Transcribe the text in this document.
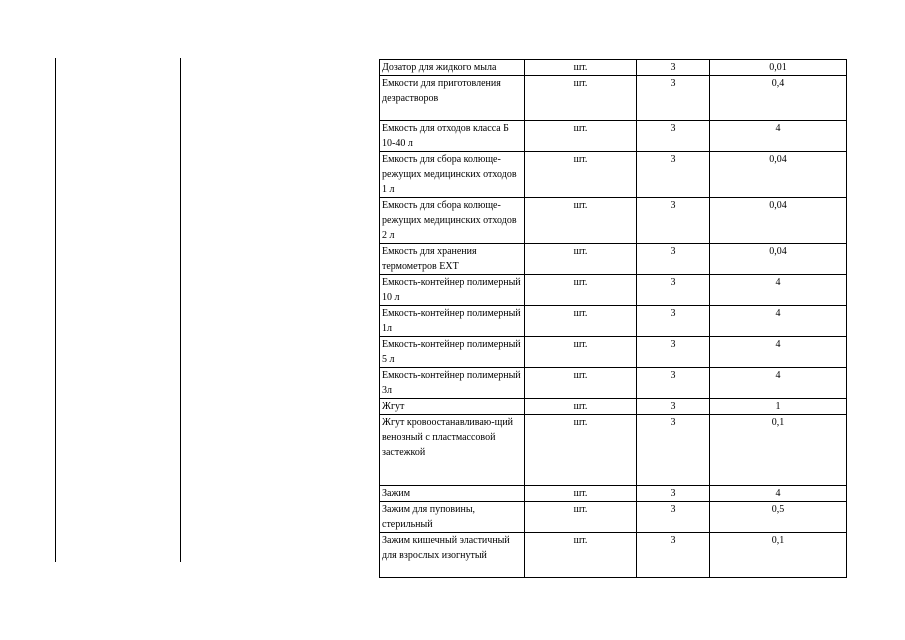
Дозатор для жидкого мыла	шт.	3	0,01
Емкости для приготовления дезрастворов	шт.	3	0,4
Емкость для отходов класса Б 10-40 л	шт.	3	4
Емкость для сбора колюще-режущих медицинских отходов 1 л	шт.	3	0,04
Емкость для сбора колюще-режущих медицинских отходов 2 л	шт.	3	0,04
Емкость для хранения термометров ЕХТ	шт.	3	0,04
Емкость-контейнер полимерный 10 л	шт.	3	4
Емкость-контейнер полимерный 1л	шт.	3	4
Емкость-контейнер полимерный 5 л	шт.	3	4
Емкость-контейнер полимерный 3л	шт.	3	4
Жгут	шт.	3	1
Жгут кровоостанавливаю-щий венозный с пластмассовой застежкой	шт.	3	0,1
Зажим	шт.	3	4
Зажим для пуповины, стерильный	шт.	3	0,5
Зажим кишечный эластичный для взрослых изогнутый	шт.	3	0,1
